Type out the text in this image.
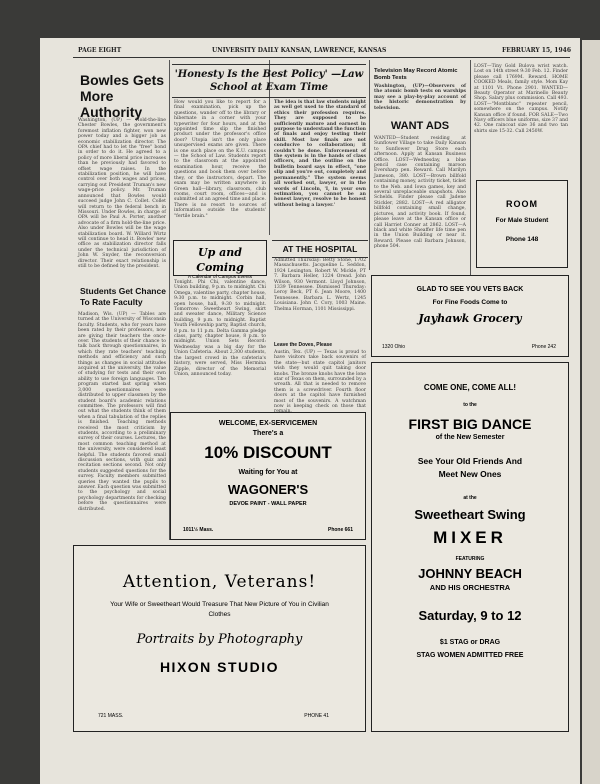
PAGE EIGHT	UNIVERSITY DAILY KANSAN, LAWRENCE, KANSAS	FEBRUARY 15, 1946
Bowles Gets More Authority
Washington, (UP) — Hold-the-line Chester Bowles, the government's foremost inflation fighter, won new power today and a bigger job as economic stabilization director. The OPA chief had to let the "free" bond in order to do it. He agreed to a policy of more liberal price increases than he previously had favored to offset wage raises. In the stabilization position, he will have control over both wages and prices, carrying out President Truman's new wage-price policy. Mr. Truman announced that Bowles would succeed judge John C. Collet. Collet will return to the federal bench in Missouri. Under Bowles, in charge of OPA will be Paul A. Porter, another advocate of a firm hold-the-line price. Also under Bowles will be the wage stabilization board. W. Willard Wirtz will continue to head it. Bowles' new office as stabilization director falls under the technical jurisdiction of John W. Snyder, the reconversion director. Their exact relationship is still to be defined by the president.
Students Get Chance To Rate Faculty
Madison, Wis. (UP) — Tables are turned at the University of Wisconsin faculty. Students, who for years have been rated by their professors, now are giving their teachers the once-over. The students of their chance to talk back through questionnaires, in which they rate teachers' teaching methods and efficiency and such things as changes in social attitudes acquired at the university, the value of studying for tests and their own ability to use foreign languages. The program started last spring when 3,000 questionnaires were distributed to upper classmen by the student board's academic relations committee. The professors will find out what the students think of them when a final tabulation of the replies is finished. Teaching methods received the most criticism by students, according to a preliminary survey of their courses. Lectures, the most common teaching method at the university, were considered least helpful. The students favored small discussion sections, with quiz and recitation sections second. Not only students suggested questions for the survey. Faculty members submitted queries they wanted the pupils to answer. Each question was submitted to the psychology and social psychology departments for checking before the questionnaires were distributed.
'Honesty Is the Best Policy' —Law School at Exam Time
How would you like to report for a final examination, pick up the questions, wander off to the library or hibernate in a corner with your typewriter for four hours, and at the appointed time slip the finished product under the professor's office door? Utopia isn't the only place unsupervised exams are given. There is one such place on the K.U. campus — the School of Law. Students report to the classroom at the appointed examination hour, receive the questions and book them over before they, or the instructors, depart. The exam may be written anywhere in Green hall—library, classroom, club rooms, court room, offices—and is submitted at an agreed time and place. There is no resort to sources of information outside the students' "fertile brain."
Up and Coming
A Calendar of Campus Events
Tonight. Phi Chi, valentine dance, Union building, 9 p.m. to midnight. Chi Omega, valentine party, chapter house, 9:30 p.m. to midnight. Corbin hall, open house, hall, 9:30 to midnight. Tomorrow: Sweetheart Swing, skirt and sweater dance, Military Science building, 9 p.m. to midnight. Baptist Youth Fellowship party, Baptist church, 8 p.m. to 11 p.m. Delta Gamma pledge class, party, chapter house, 8 p.m. to midnight. Union Sets Record: Wednesday was a big day for the Union Cafeteria. About 2,300 students, the largest crowd in the cafeteria's history, were served, Miss Hermina Zipple, director of the Memorial Union, announced today.
The idea is that law students might as well get used to the standard of ethics their profession requires. They are supposed to be sufficiently mature and earnest in purpose to understand the function of finals and enjoy testing their skill. Most law finals are not conducive to collaboration; it couldn't be done. Enforcement of the system is in the hands of class officers, and the outline on the bulletin board says in effect, "one slip and you're out, completely and permanently." The system seems all worked out, lawyer, or in the words of Lincoln, 'I, in your own estimation, you cannot be an honest lawyer, resolve to be honest without being a lawyer.'
AT THE HOSPITAL
Admitted Thursday: Betty Stone, 1702 Massachusetts. Jacqueline L. Seddon, 1924 Lexington. Robert W. Mickle, PT 7. Barbara Heller, 1224 Oread. John Wilson, 930 Vermont. Lloyd Johnson, 1339 Tennessee. Dismissed Thursday: Leroy Beck, PT 6. Jean Moore, 1400 Tennessee. Barbara L. Wertz, 1245 Louisiana. John C. Cory, 1003 Maine. Thelma Horman, 1101 Mississippi.
Leave the Doves, Please
Austin, Tex. (UP) — Texas is proud to have visitors take back souvenirs of the state—but state capitol janitors wish they would quit taking door knobs. The bronze knobs have the lone star of Texas on them, surrounded by a wreath. All that is needed to remove them is a screwdriver. Fourth floor doors at the capitol have furnished most of the souvenirs. A watchman now is keeping check on those that
Television May Record Atomic Bomb Tests
Washington, (UP)—Observers of the atomic bomb tests on warships may see a play-by-play account of the historic demonstration by television.
WANT ADS
WANTED—Student residing at Sunflower Village to take Daily Kansan to Sunflower Drug Store each afternoon. Apply at Kansan Business Office. LOST—Wednesday, a blue pencil case containing maroon Eversharp pen. Reward. Call Marilyn Jameson, 380. LOST—Brown billfold containing money, activity ticket, ticket to the Neb. and Iowa games, key and several unreplaceable snapshots. Also Schelds. Finder please call Jadene Stickler, 2882. LOST—A red alligator billfold containing small change, pictures, and activity book. If found, please leave at the Kansan office or call Harriet Conner at 2862. LOST—A black and white Sheaffer life time pen in the Union Building or near it. Reward. Please call Barbara Johnson, phone 504.
LOST—Tiny Gold Bulova wrist watch. Lost on 14th street 9:30 Feb. 12. Finder please call 1769M. Reward. HOME COOKED Meals, family style. Mom Kay at 1101 Vt. Phone 2901. WANTED—Beauty Operator at Marinello Beauty Shop. Salary plus commission. Call 493. LOST—"Montblanc" repeater pencil, somewhere on the campus. Notify Kansan office if found. FOR SALE—Two Navy officers blue uniforms, size 37 and 42. One raincoat size 36 and two tan shirts size 15-32. Call 2450W.
ROOM
For Male Student
Phone 148
GLAD TO SEE YOU VETS BACK
For Fine Foods Come to
Jayhawk Grocery
1320 Ohio	Phone 242
COME ONE, COME ALL!
to the
FIRST BIG DANCE
of the New Semester
See Your Old Friends And Meet New Ones
at the
Sweetheart Swing
MIXER
FEATURING
JOHNNY BEACH
AND HIS ORCHESTRA
Saturday, 9 to 12
$1 STAG or DRAG
STAG WOMEN ADMITTED FREE
WELCOME, EX-SERVICEMEN
There's a
10% DISCOUNT
Waiting for You at
WAGONER'S
DEVOE PAINT - WALL PAPER
1011½ Mass.	Phone 661
Attention, Veterans!
Your Wife or Sweetheart Would Treasure That New Picture of You in Civilian Clothes
Portraits by Photography
HIXON STUDIO
721 MASS.	PHONE 41
